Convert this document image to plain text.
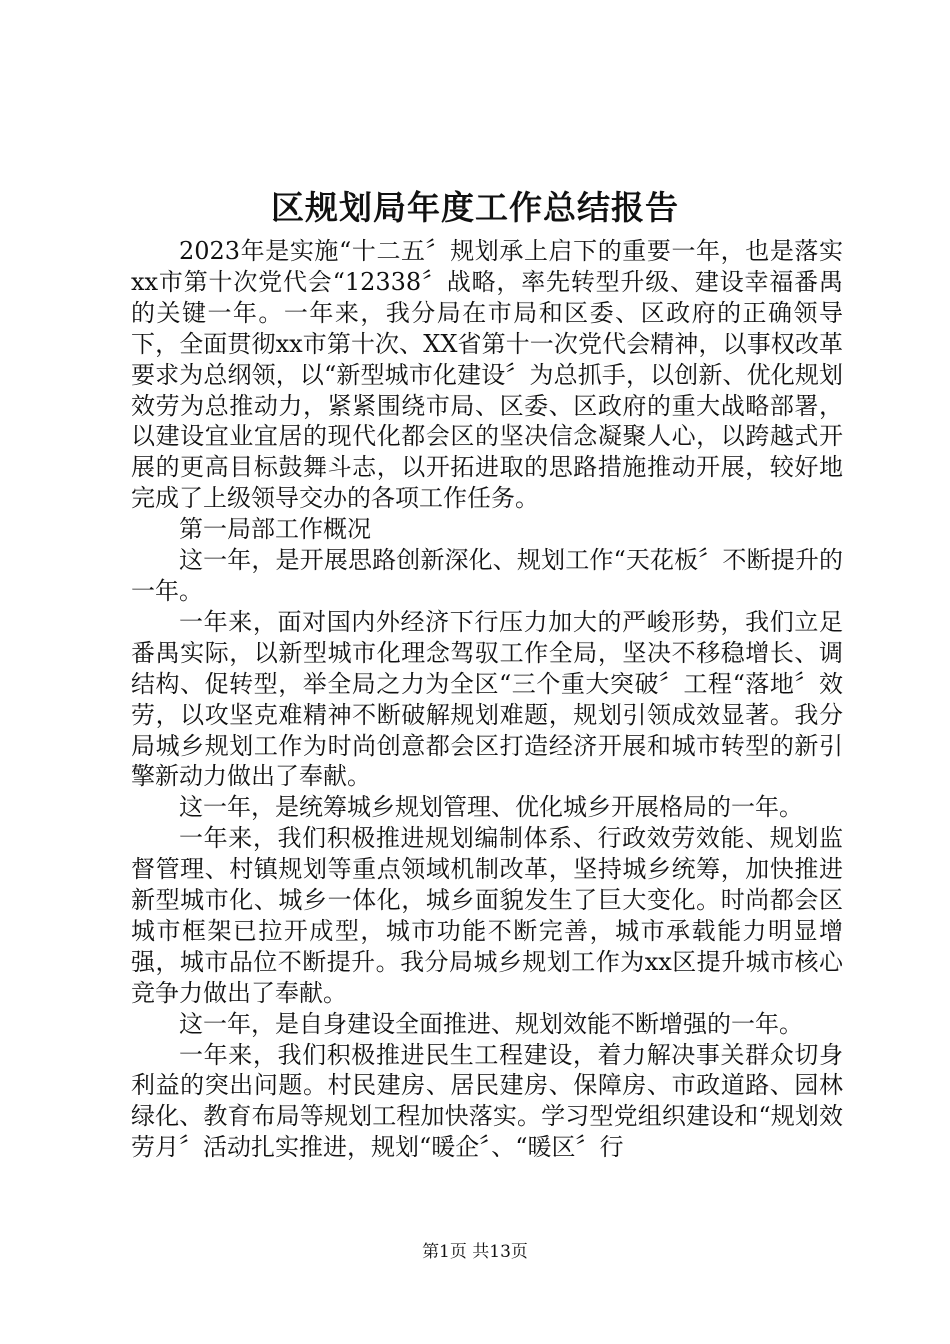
区规划局年度工作总结报告

2023年是实施“十二五〞规划承上启下的重要一年，也是落实xx市第十次党代会“12338〞战略，率先转型升级、建设幸福番禺的关键一年。一年来，我分局在市局和区委、区政府的正确领导下，全面贯彻xx市第十次、XX省第十一次党代会精神，以事权改革要求为总纲领，以“新型城市化建设〞为总抓手，以创新、优化规划效劳为总推动力，紧紧围绕市局、区委、区政府的重大战略部署，以建设宜业宜居的现代化都会区的坚决信念凝聚人心，以跨越式开展的更高目标鼓舞斗志，以开拓进取的思路措施推动开展，较好地完成了上级领导交办的各项工作任务。

第一局部工作概况

这一年，是开展思路创新深化、规划工作“天花板〞不断提升的一年。

一年来，面对国内外经济下行压力加大的严峻形势，我们立足番禺实际，以新型城市化理念驾驭工作全局，坚决不移稳增长、调结构、促转型，举全局之力为全区“三个重大突破〞工程“落地〞效劳，以攻坚克难精神不断破解规划难题，规划引领成效显著。我分局城乡规划工作为时尚创意都会区打造经济开展和城市转型的新引擎新动力做出了奉献。

这一年，是统筹城乡规划管理、优化城乡开展格局的一年。

一年来，我们积极推进规划编制体系、行政效劳效能、规划监督管理、村镇规划等重点领域机制改革，坚持城乡统筹，加快推进新型城市化、城乡一体化，城乡面貌发生了巨大变化。时尚都会区城市框架已拉开成型，城市功能不断完善，城市承载能力明显增强，城市品位不断提升。我分局城乡规划工作为xx区提升城市核心竞争力做出了奉献。

这一年，是自身建设全面推进、规划效能不断增强的一年。

一年来，我们积极推进民生工程建设，着力解决事关群众切身利益的突出问题。村民建房、居民建房、保障房、市政道路、园林绿化、教育布局等规划工程加快落实。学习型党组织建设和“规划效劳月〞活动扎实推进，规划“暖企〞、“暖区〞行

第1页 共13页
